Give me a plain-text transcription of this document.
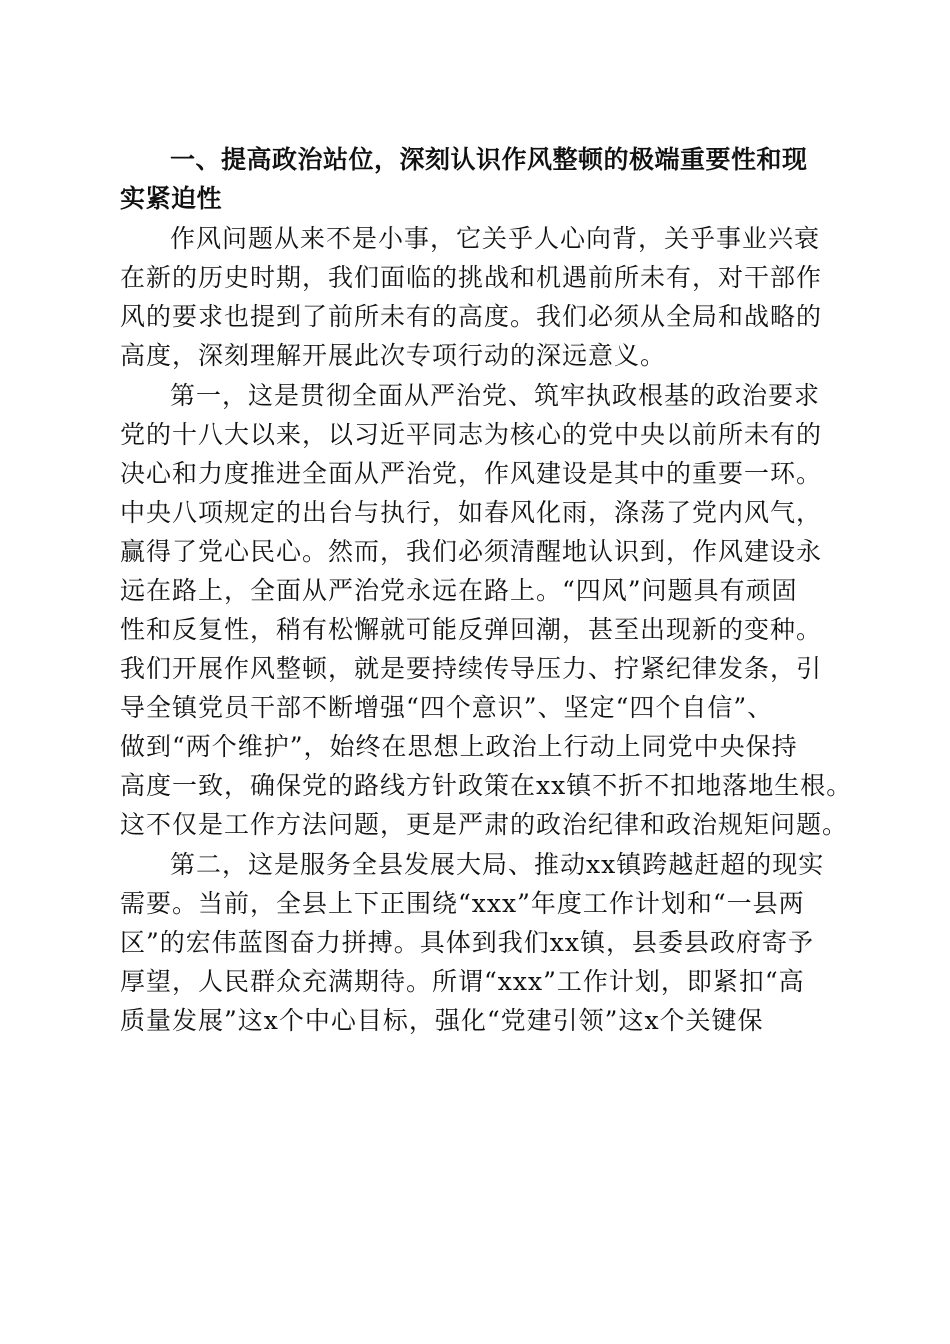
一、提高政治站位，深刻认识作风整顿的极端重要性和现
实紧迫性
作风问题从来不是小事，它关乎人心向背，关乎事业兴衰
在新的历史时期，我们面临的挑战和机遇前所未有，对干部作
风的要求也提到了前所未有的高度。我们必须从全局和战略的
高度，深刻理解开展此次专项行动的深远意义。
第一，这是贯彻全面从严治党、筑牢执政根基的政治要求
党的十八大以来，以习近平同志为核心的党中央以前所未有的
决心和力度推进全面从严治党，作风建设是其中的重要一环。
中央八项规定的出台与执行，如春风化雨，涤荡了党内风气，
赢得了党心民心。然而，我们必须清醒地认识到，作风建设永
远在路上，全面从严治党永远在路上。“四风”问题具有顽固
性和反复性，稍有松懈就可能反弹回潮，甚至出现新的变种。
我们开展作风整顿，就是要持续传导压力、拧紧纪律发条，引
导全镇党员干部不断增强“四个意识”、坚定“四个自信”、
做到“两个维护”，始终在思想上政治上行动上同党中央保持
高度一致，确保党的路线方针政策在xx镇不折不扣地落地生根。
这不仅是工作方法问题，更是严肃的政治纪律和政治规矩问题。
第二，这是服务全县发展大局、推动xx镇跨越赶超的现实
需要。当前，全县上下正围绕“xxx”年度工作计划和“一县两
区”的宏伟蓝图奋力拼搏。具体到我们xx镇，县委县政府寄予
厚望，人民群众充满期待。所谓“xxx”工作计划，即紧扣“高
质量发展”这x个中心目标，强化“党建引领”这x个关键保
